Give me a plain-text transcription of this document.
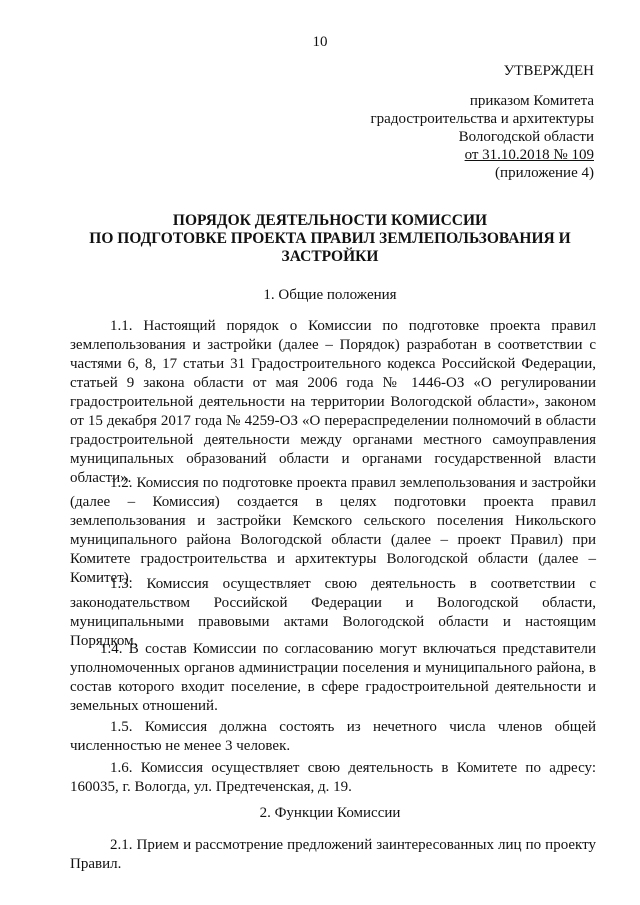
10
УТВЕРЖДЕН
приказом Комитета
градостроительства и архитектуры
Вологодской области
от 31.10.2018 № 109
(приложение 4)
ПОРЯДОК ДЕЯТЕЛЬНОСТИ КОМИССИИ
ПО ПОДГОТОВКЕ ПРОЕКТА ПРАВИЛ ЗЕМЛЕПОЛЬЗОВАНИЯ И
ЗАСТРОЙКИ
1. Общие положения
1.1. Настоящий порядок о Комиссии по подготовке проекта правил землепользования и застройки (далее – Порядок) разработан в соответствии с частями 6, 8, 17 статьи 31 Градостроительного кодекса Российской Федерации, статьей 9 закона области от мая 2006 года № 1446-ОЗ «О регулировании градостроительной деятельности на территории Вологодской области», законом от 15 декабря 2017 года № 4259-ОЗ «О перераспределении полномочий в области градостроительной деятельности между органами местного самоуправления муниципальных образований области и органами государственной власти области».
1.2. Комиссия по подготовке проекта правил землепользования и застройки (далее – Комиссия) создается в целях подготовки проекта правил землепользования и застройки Кемского сельского поселения Никольского муниципального района Вологодской области (далее – проект Правил) при Комитете градостроительства и архитектуры Вологодской области (далее – Комитет).
1.3. Комиссия осуществляет свою деятельность в соответствии с законодательством Российской Федерации и Вологодской области, муниципальными правовыми актами Вологодской области и настоящим Порядком.
1.4. В состав Комиссии по согласованию могут включаться представители уполномоченных органов администрации поселения и муниципального района, в состав которого входит поселение, в сфере градостроительной деятельности и земельных отношений.
1.5. Комиссия должна состоять из нечетного числа членов общей численностью не менее 3 человек.
1.6. Комиссия осуществляет свою деятельность в Комитете по адресу: 160035, г. Вологда, ул. Предтеченская, д. 19.
2. Функции Комиссии
2.1. Прием и рассмотрение предложений заинтересованных лиц по проекту Правил.
